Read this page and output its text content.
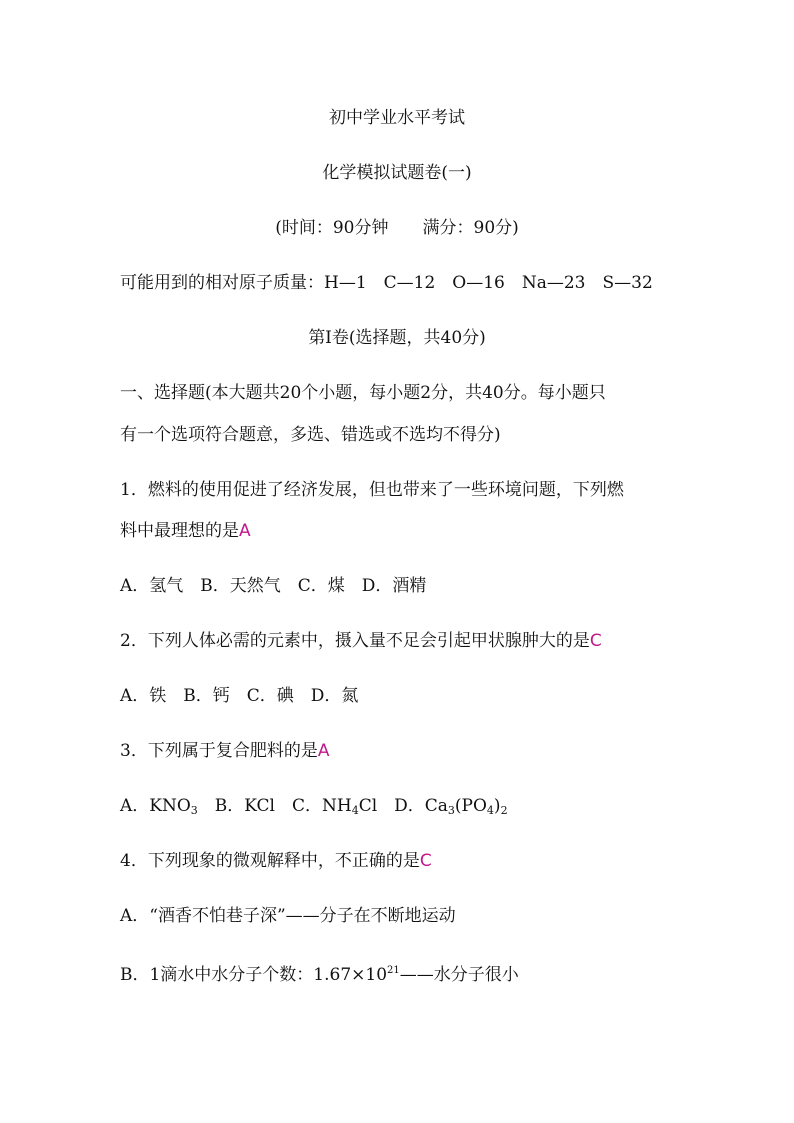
初中学业水平考试
化学模拟试题卷(一)
(时间：90分钟　　满分：90分)
可能用到的相对原子质量：H—1　C—12　O—16　Na—23　S—32
第Ⅰ卷(选择题，共40分)
一、选择题(本大题共20个小题，每小题2分，共40分。每小题只
有一个选项符合题意，多选、错选或不选均不得分)
1．燃料的使用促进了经济发展，但也带来了一些环境问题，下列燃
料中最理想的是A
A．氢气　B．天然气　C．煤　D．酒精
2．下列人体必需的元素中，摄入量不足会引起甲状腺肿大的是C
A．铁　B．钙　C．碘　D．氮
3．下列属于复合肥料的是A
A．$KNO_3$　B．KCl　C．$NH_4Cl$　D．$Ca_3(PO_4)_2$
4．下列现象的微观解释中，不正确的是C
A．“酒香不怕巷子深”——分子在不断地运动
B．1滴水中水分子个数：$1.67\times 10^{21}——$水分子很小
